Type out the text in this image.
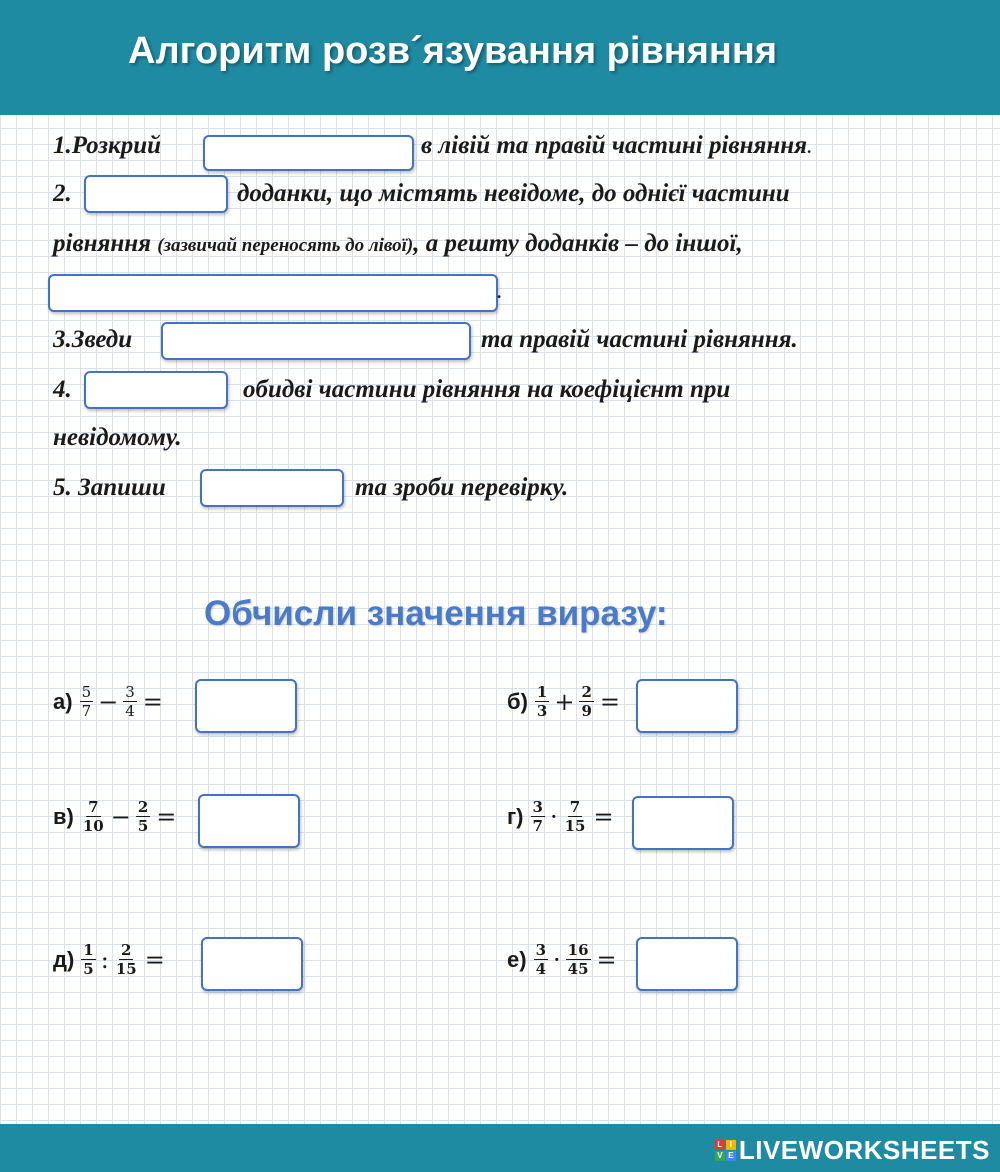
Алгоритм розв´язування рівняння
1.Розкрий	в лівій та правій частині рівняння.
2.	доданки, що містять невідоме, до однієї частини
рівняння (зазвичай переносять до лівої), а решту доданків – до іншої,
.
3.Зведи	та правій частині рівняння.
4.	обидві частини рівняння на коефіцієнт при
невідомому.
5. Запиши	та зроби перевірку.
Обчисли значення виразу:
$а) \frac{5}{7} - \frac{3}{4}$ =	$б) \frac{1}{3} + \frac{2}{9}$ =
$в) \frac{7}{10} - \frac{2}{5}$ =	$г) \frac{3}{7} \cdot \frac{7}{15}$ =
$д) \frac{1}{5}$ : $\frac{2}{15}$ =	$е) \frac{3}{4} \cdot \frac{16}{45}$ =
L I
V E LIVEWORKSHEETS
